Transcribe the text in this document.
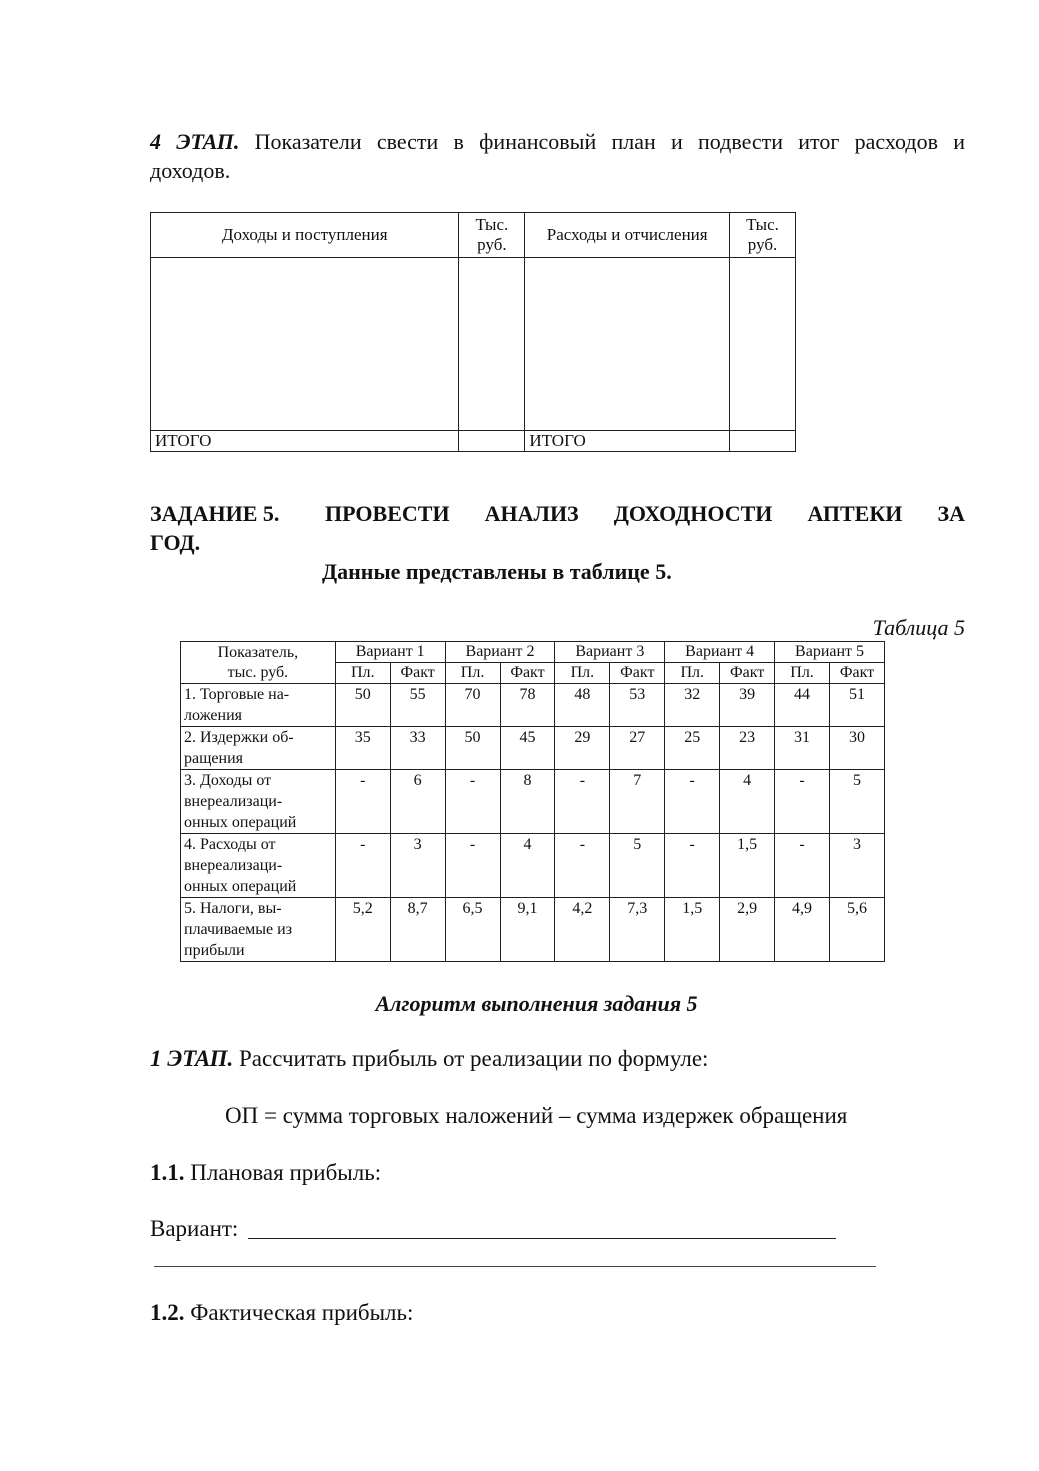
4 ЭТАП. Показатели свести в финансовый план и подвести итог расходов и
доходов.
Доходы и поступления	Тыс.
руб.	Расходы и отчисления	Тыс.
руб.

ИТОГО		ИТОГО	
ЗАДАНИЕ 5. ПРОВЕСТИ АНАЛИЗ ДОХОДНОСТИ АПТЕКИ ЗА
ГОД.
Данные представлены в таблице 5.
Таблица 5
Показатель,
тыс. руб.	Вариант 1		Вариант 2		Вариант 3		Вариант 4		Вариант 5	
	Пл.	Факт	Пл.	Факт	Пл.	Факт	Пл.	Факт	Пл.	Факт
1. Торговые на-
ложения	50	55	70	78	48	53	32	39	44	51
2. Издержки об-
ращения	35	33	50	45	29	27	25	23	31	30
3. Доходы от
внереализаци-
онных операций	-	6	-	8	-	7	-	4	-	5
4. Расходы от
внереализаци-
онных операций	-	3	-	4	-	5	-	1,5	-	3
5. Налоги, вы-
плачиваемые из
прибыли	5,2	8,7	6,5	9,1	4,2	7,3	1,5	2,9	4,9	5,6
Алгоритм выполнения задания 5
1 ЭТАП. Рассчитать прибыль от реализации по формуле:
ОП = сумма торговых наложений – сумма издержек обращения
1.1. Плановая прибыль:
Вариант:
1.2. Фактическая прибыль:
